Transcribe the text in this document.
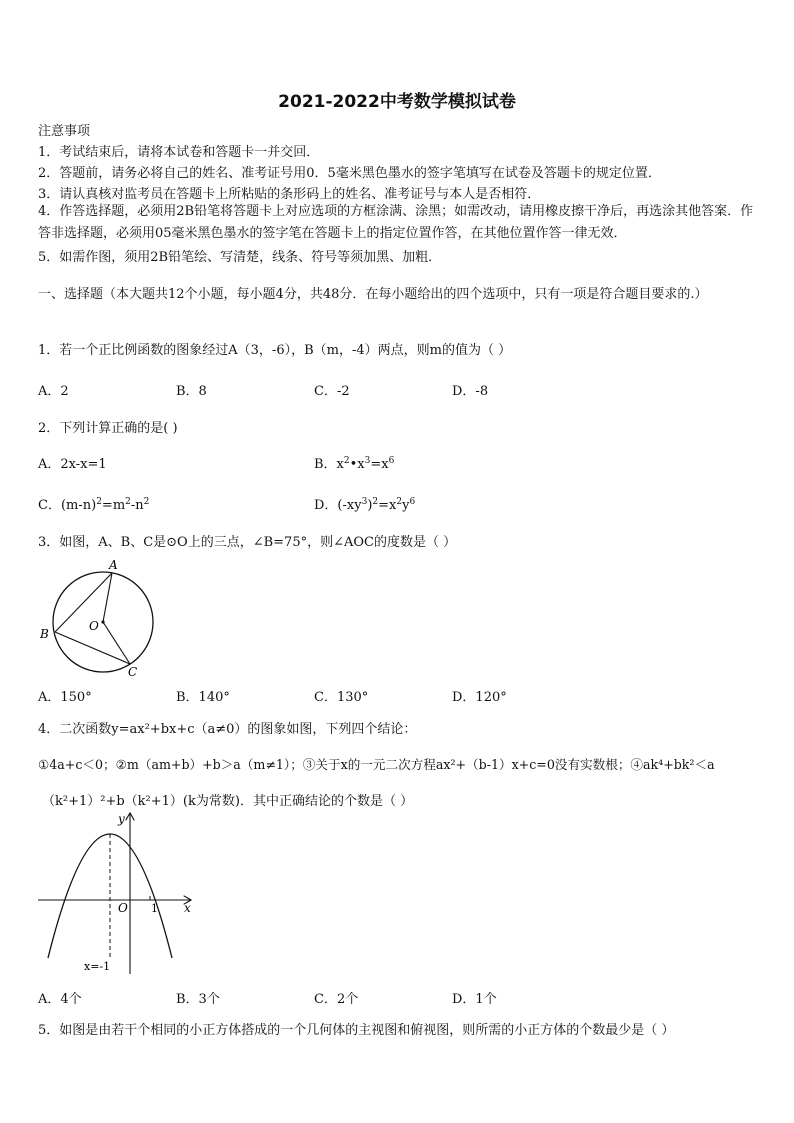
2021-2022中考数学模拟试卷
注意事项
1．考试结束后，请将本试卷和答题卡一并交回．
2．答题前，请务必将自己的姓名、准考证号用0．5毫米黑色墨水的签字笔填写在试卷及答题卡的规定位置．
3．请认真核对监考员在答题卡上所粘贴的条形码上的姓名、准考证号与本人是否相符．
4．作答选择题，必须用2B铅笔将答题卡上对应选项的方框涂满、涂黑；如需改动，请用橡皮擦干净后，再选涂其他答案．作答非选择题，必须用05毫米黑色墨水的签字笔在答题卡上的指定位置作答，在其他位置作答一律无效．
5．如需作图，须用2B铅笔绘、写清楚，线条、符号等须加黑、加粗．
一、选择题（本大题共12个小题，每小题4分，共48分．在每小题给出的四个选项中，只有一项是符合题目要求的.）
1．若一个正比例函数的图象经过A（3，-6），B（m，-4）两点，则m的值为（ ）
A．2	B．8	C．-2	D．-8
2．下列计算正确的是( )
A．2x-x=1	B．$x^2•x^3=x^6$
C．$(m-n)^2=m^2-n^2$	D．$(-xy^3)^2=x^2y^6$
3．如图，A、B、C是⊙O上的三点，∠B=75°，则∠AOC的度数是（ ）
A
B
C
O
A．150°	B．140°	C．130°	D．120°
4．二次函数y=ax²+bx+c（a≠0）的图象如图，下列四个结论：
①4a+c＜0；②m（am+b）+b＞a（m≠1）；③关于x的一元二次方程ax²+（b-1）x+c=0没有实数根；④ak⁴+bk²＜a
（k²+1）²+b（k²+1）(k为常数)．其中正确结论的个数是（ ）
y
x
O 1
x=-1
A．4个	B．3个	C．2个	D．1个
5．如图是由若干个相同的小正方体搭成的一个几何体的主视图和俯视图，则所需的小正方体的个数最少是（ ）
